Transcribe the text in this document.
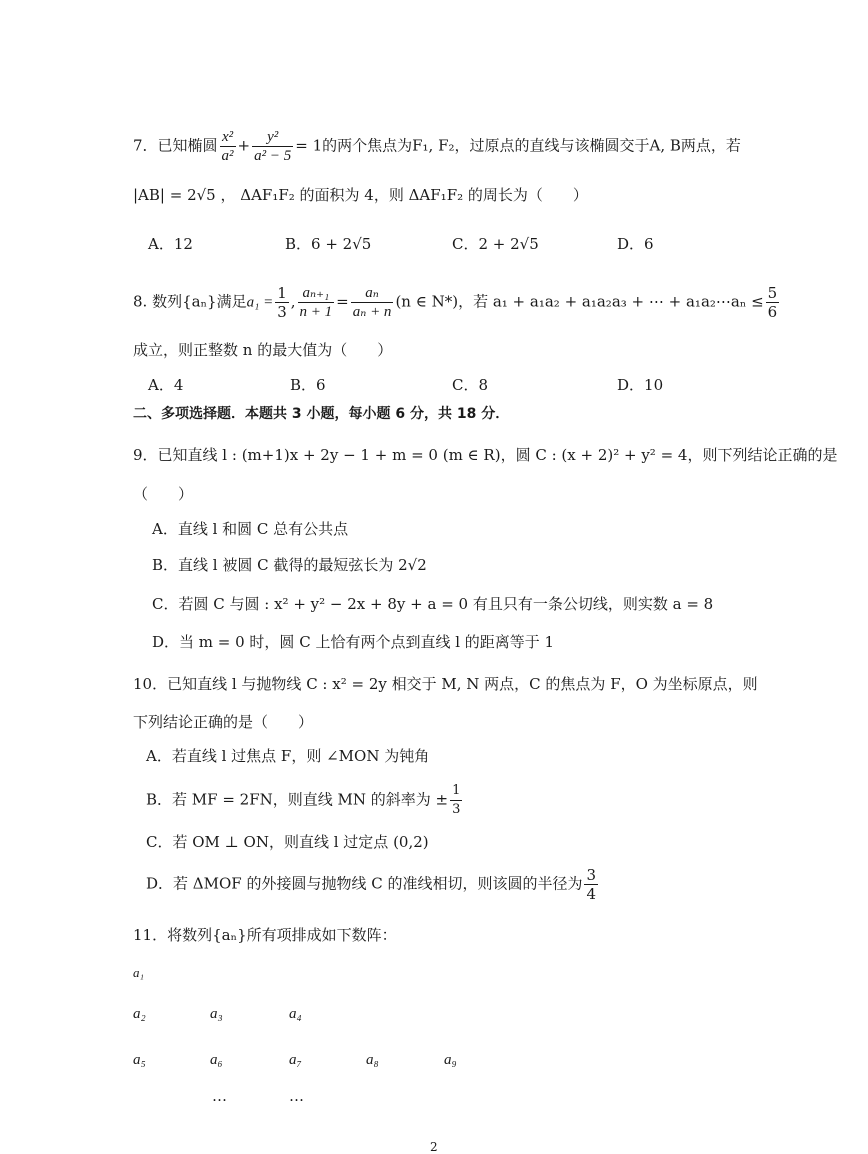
7．已知椭圆 $\frac{\text{x²}}{\text{a²}} + \frac{\text{y²}}{\text{a² − 5}} = 1$的两个焦点为F₁, F₂，过原点的直线与该椭圆交于A, B两点，若
|AB| = 2√5 ， ΔAF₁F₂ 的面积为 4，则 ΔAF₁F₂ 的周长为（　　）
A．12	B．6 + 2√5	C．2 + 2√5	D．6
8. 数列{aₙ}满足$a_1 = \frac{1}{3}$ , $\frac{\text{aₙ₊₁}}{n + 1} = \frac{\text{aₙ}}{\text{aₙ + n}} (n$ ∈ N*)，若 a₁ + a₁a₂ + a₁a₂a₃ + ⋯ + a₁a₂⋯aₙ ≤ $\frac{5}{6}$
成立，则正整数 n 的最大值为（　　）
A．4	B．6	C．8	D．10
二、多项选择题．本题共 3 小题，每小题 6 分，共 18 分．
9．已知直线 l : (m+1)x + 2y − 1 + m = 0 (m ∈ R)，圆 C : (x + 2)² + y² = 4，则下列结论正确的是
（　　）
A．直线 l 和圆 C 总有公共点
B．直线 l 被圆 C 截得的最短弦长为 2√2
C．若圆 C 与圆 : x² + y² − 2x + 8y + a = 0 有且只有一条公切线，则实数 a = 8
D．当 m = 0 时，圆 C 上恰有两个点到直线 l 的距离等于 1
10．已知直线 l 与抛物线 C : x² = 2y 相交于 M, N 两点，C 的焦点为 F，O 为坐标原点，则
下列结论正确的是（　　）
A．若直线 l 过焦点 F，则 ∠MON 为钝角
B．若 MF = 2FN，则直线 MN 的斜率为 ± $\frac{1}{3}$
C．若 OM ⊥ ON，则直线 l 过定点 (0,2)
D．若 ΔMOF 的外接圆与抛物线 C 的准线相切，则该圆的半径为 $\frac{3}{4}$
11．将数列{aₙ}所有项排成如下数阵：
a₁
a₂	a₃	a₄
a₅	a₆	a₇	a₈	a₉
…	…
2
